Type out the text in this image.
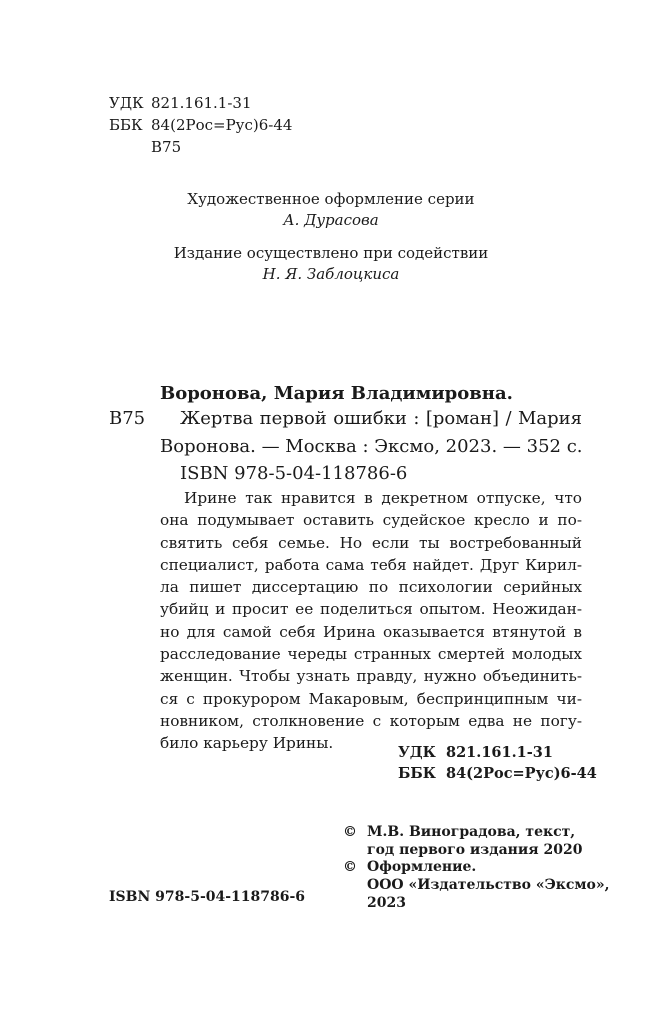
УДК 821.161.1-31
ББК 84(2Рос=Рус)6-44
В75
Художественное оформление серии
А. Дурасова
Издание осуществлено при содействии
Н. Я. Заблоцкиса
Воронова, Мария Владимировна.
В75 Жертва первой ошибки : [роман] / Мария
Воронова. — Москва : Эксмо, 2023. — 352 с.
ISBN 978-5-04-118786-6
Ирине так нравится в декретном отпуске, что
она подумывает оставить судейское кресло и по-
святить себя семье. Но если ты востребованный
специалист, работа сама тебя найдет. Друг Кирил-
ла пишет диссертацию по психологии серийных
убийц и просит ее поделиться опытом. Неожидан-
но для самой себя Ирина оказывается втянутой в
расследование череды странных смертей молодых
женщин. Чтобы узнать правду, нужно объединить-
ся с прокурором Макаровым, беспринципным чи-
новником, столкновение с которым едва не погу-
било карьеру Ирины.
УДК 821.161.1-31
ББК 84(2Рос=Рус)6-44
© М.В. Виноградова, текст,
год первого издания 2020
© Оформление.
ООО «Издательство «Эксмо»,
2023
ISBN 978-5-04-118786-6
